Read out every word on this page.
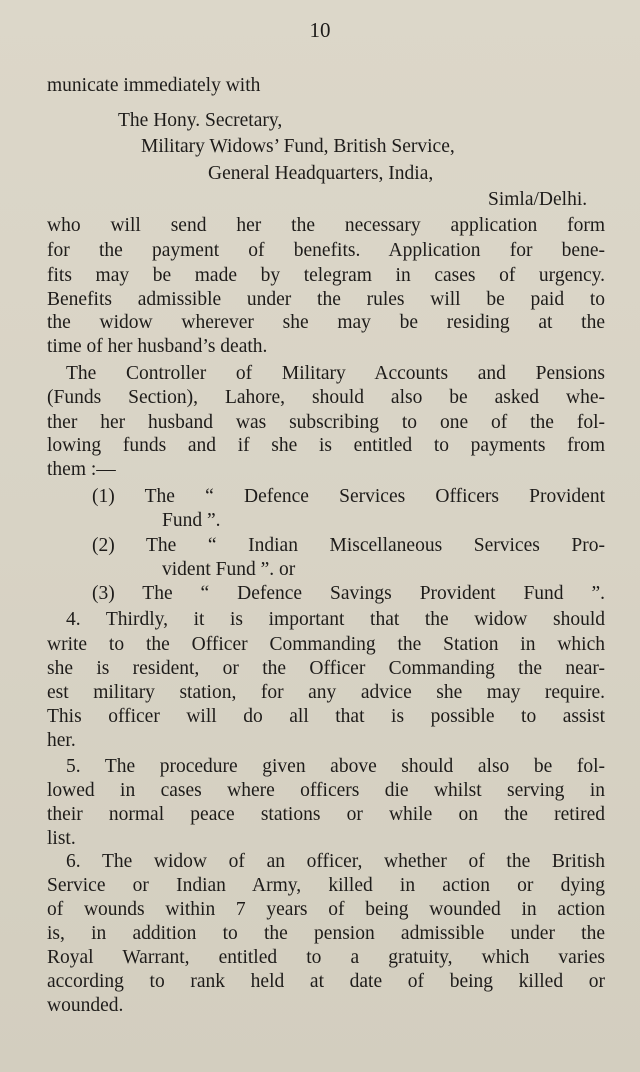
10
municate immediately with
The Hony. Secretary,
Military Widows’ Fund, British Service,
General Headquarters, India,
Simla/Delhi.
who will send her the necessary application form
for the payment of benefits. Application for bene-
fits may be made by telegram in cases of urgency.
Benefits admissible under the rules will be paid to
the widow wherever she may be residing at the
time of her husband’s death.
The Controller of Military Accounts and Pensions
(Funds Section), Lahore, should also be asked whe-
ther her husband was subscribing to one of the fol-
lowing funds and if she is entitled to payments from
them :—
(1) The “ Defence Services Officers Provident
Fund ”.
(2) The “ Indian Miscellaneous Services Pro-
vident Fund ”. or
(3) The “ Defence Savings Provident Fund ”.
4. Thirdly, it is important that the widow should
write to the Officer Commanding the Station in which
she is resident, or the Officer Commanding the near-
est military station, for any advice she may require.
This officer will do all that is possible to assist
her.
5. The procedure given above should also be fol-
lowed in cases where officers die whilst serving in
their normal peace stations or while on the retired
list.
6. The widow of an officer, whether of the British
Service or Indian Army, killed in action or dying
of wounds within 7 years of being wounded in action
is, in addition to the pension admissible under the
Royal Warrant, entitled to a gratuity, which varies
according to rank held at date of being killed or
wounded.
